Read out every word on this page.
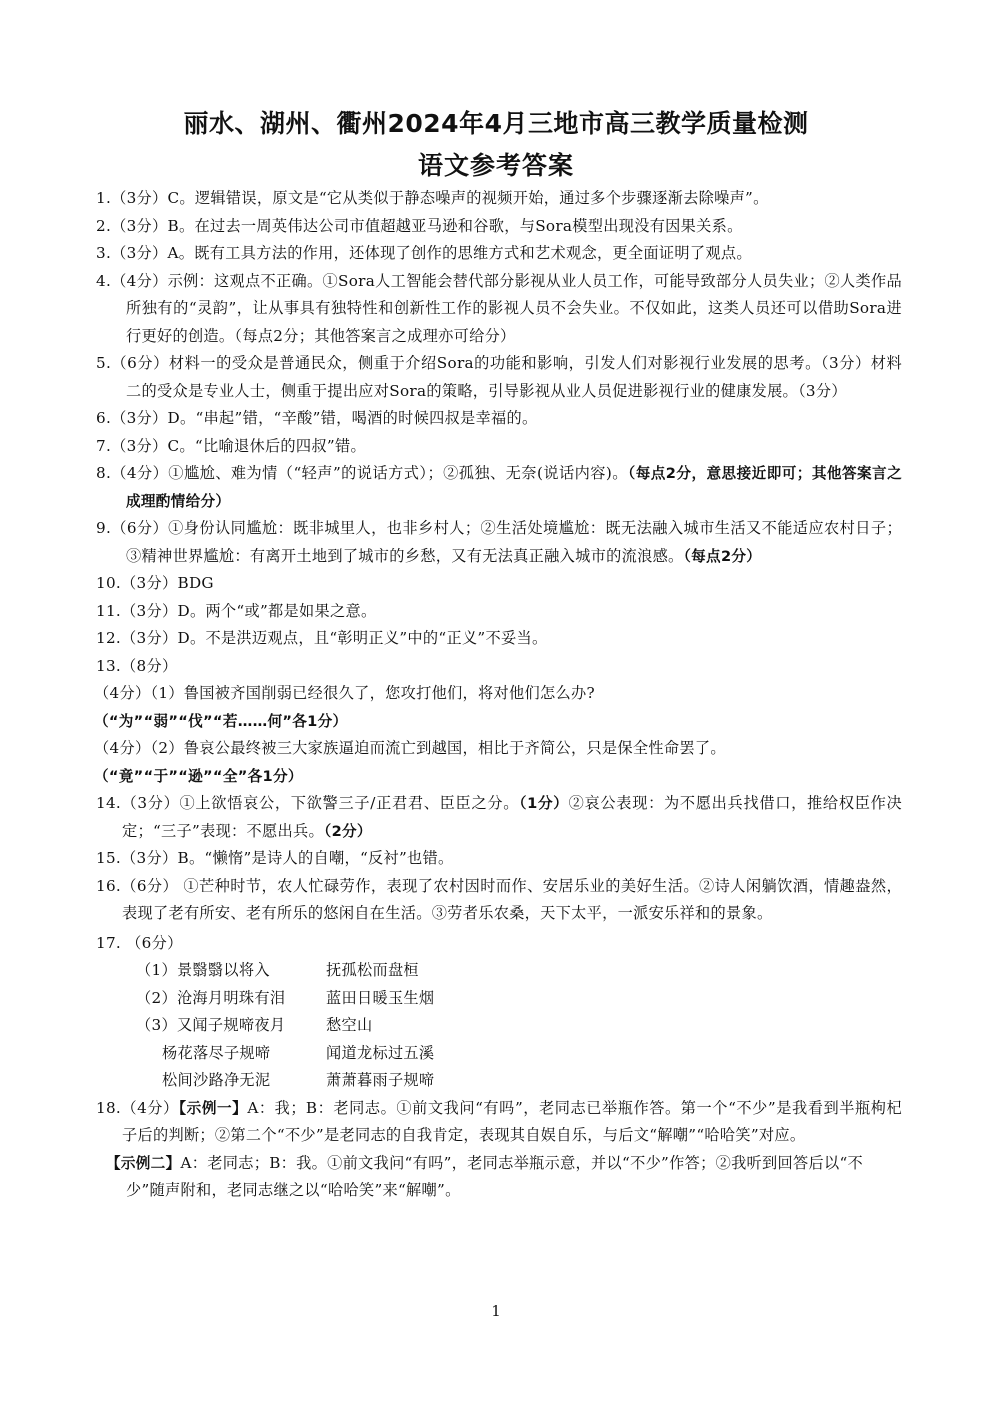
丽水、湖州、衢州2024年4月三地市高三教学质量检测
语文参考答案

1.（3分）C。逻辑错误，原文是“它从类似于静态噪声的视频开始，通过多个步骤逐渐去除噪声”。

2.（3分）B。在过去一周英伟达公司市值超越亚马逊和谷歌，与Sora模型出现没有因果关系。

3.（3分）A。既有工具方法的作用，还体现了创作的思维方式和艺术观念，更全面证明了观点。

4.（4分）示例：这观点不正确。①Sora人工智能会替代部分影视从业人员工作，可能导致部分人员失业；②人类作品所独有的“灵韵”，让从事具有独特性和创新性工作的影视人员不会失业。不仅如此，这类人员还可以借助Sora进行更好的创造。（每点2分；其他答案言之成理亦可给分）

5.（6分）材料一的受众是普通民众，侧重于介绍Sora的功能和影响，引发人们对影视行业发展的思考。（3分）材料二的受众是专业人士，侧重于提出应对Sora的策略，引导影视从业人员促进影视行业的健康发展。（3分）

6.（3分）D。“串起”错，“辛酸”错，喝酒的时候四叔是幸福的。

7.（3分）C。“比喻退休后的四叔”错。

8.（4分）①尴尬、难为情（“轻声”的说话方式）；②孤独、无奈(说话内容)。（每点2分，意思接近即可；其他答案言之成理酌情给分）

9.（6分）①身份认同尴尬：既非城里人，也非乡村人；②生活处境尴尬：既无法融入城市生活又不能适应农村日子；③精神世界尴尬：有离开土地到了城市的乡愁，又有无法真正融入城市的流浪感。（每点2分）

10.（3分）BDG

11.（3分）D。两个“或”都是如果之意。

12.（3分）D。不是洪迈观点，且“彰明正义”中的“正义”不妥当。

13.（8分）

（4分）（1）鲁国被齐国削弱已经很久了，您攻打他们，将对他们怎么办?

（“为”“弱”“伐”“若……何”各1分）

（4分）（2）鲁哀公最终被三大家族逼迫而流亡到越国，相比于齐简公，只是保全性命罢了。

（“竟”“于”“逊”“全”各1分）

14.（3分）①上欲悟哀公，下欲警三子/正君君、臣臣之分。（1分）②哀公表现：为不愿出兵找借口，推给权臣作决定；“三子”表现：不愿出兵。（2分）

15.（3分）B。“懒惰”是诗人的自嘲，“反衬”也错。

16.（6分） ①芒种时节，农人忙碌劳作，表现了农村因时而作、安居乐业的美好生活。②诗人闲躺饮酒，情趣盎然，表现了老有所安、老有所乐的悠闲自在生活。③劳者乐农桑，天下太平，一派安乐祥和的景象。

17. （6分）

（1）景翳翳以将入	抚孤松而盘桓

（2）沧海月明珠有泪	蓝田日暖玉生烟

（3）又闻子规啼夜月	愁空山

杨花落尽子规啼	闻道龙标过五溪

松间沙路净无泥	萧萧暮雨子规啼

18.（4分）【示例一】A：我；B：老同志。①前文我问“有吗”，老同志已举瓶作答。第一个“不少”是我看到半瓶枸杞子后的判断；②第二个“不少”是老同志的自我肯定，表现其自娱自乐，与后文“解嘲”“哈哈笑”对应。

【示例二】A：老同志；B：我。①前文我问“有吗”，老同志举瓶示意，并以“不少”作答；②我听到回答后以“不少”随声附和，老同志继之以“哈哈笑”来“解嘲”。

1
